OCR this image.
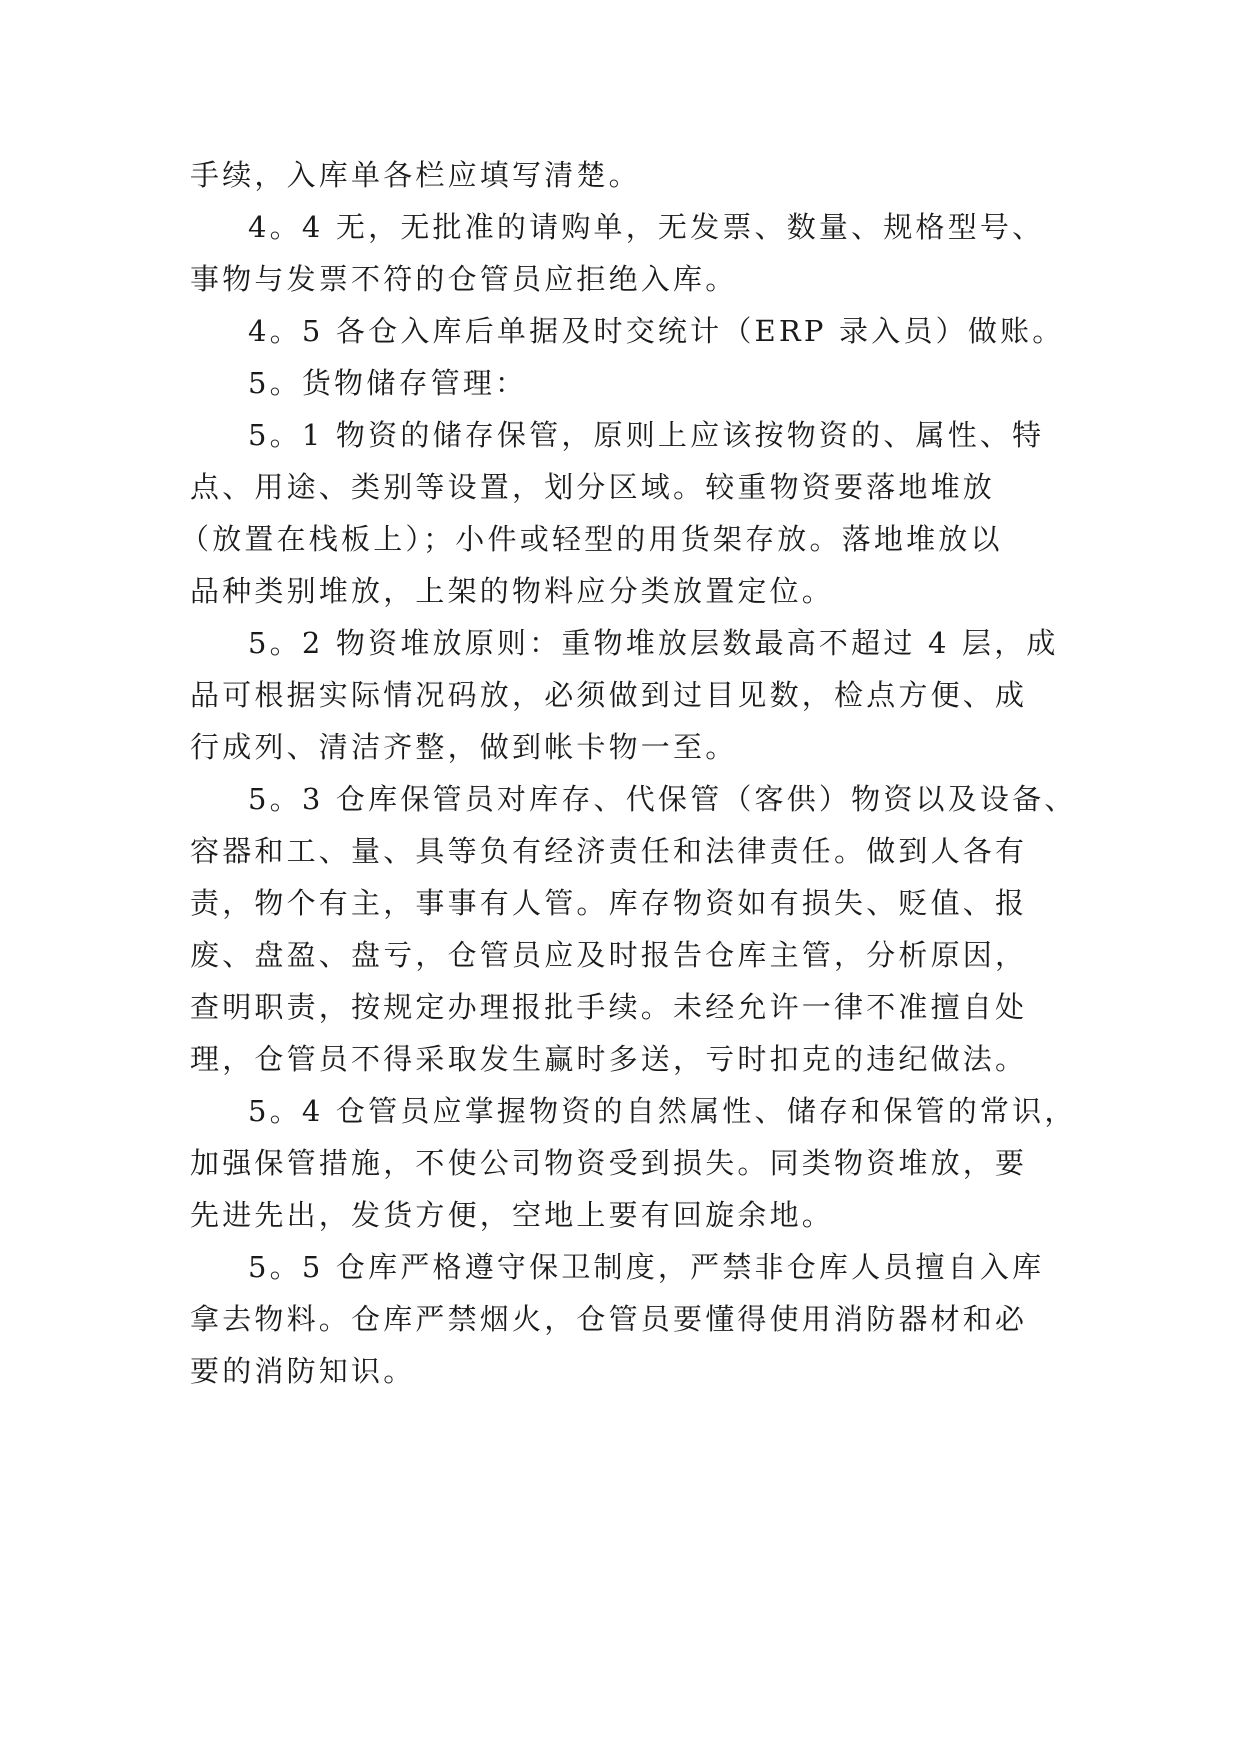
手续，入库单各栏应填写清楚。
4。4 无，无批准的请购单，无发票、数量、规格型号、
事物与发票不符的仓管员应拒绝入库。
4。5 各仓入库后单据及时交统计（ERP 录入员）做账。
5。货物储存管理：
5。1 物资的储存保管，原则上应该按物资的、属性、特
点、用途、类别等设置，划分区域。较重物资要落地堆放
（放置在栈板上）；小件或轻型的用货架存放。落地堆放以
品种类别堆放，上架的物料应分类放置定位。
5。2 物资堆放原则：重物堆放层数最高不超过 4 层，成
品可根据实际情况码放，必须做到过目见数，检点方便、成
行成列、清洁齐整，做到帐卡物一至。
5。3 仓库保管员对库存、代保管（客供）物资以及设备、
容器和工、量、具等负有经济责任和法律责任。做到人各有
责，物个有主，事事有人管。库存物资如有损失、贬值、报
废、盘盈、盘亏，仓管员应及时报告仓库主管，分析原因，
查明职责，按规定办理报批手续。未经允许一律不准擅自处
理，仓管员不得采取发生赢时多送，亏时扣克的违纪做法。
5。4 仓管员应掌握物资的自然属性、储存和保管的常识，
加强保管措施，不使公司物资受到损失。同类物资堆放，要
先进先出，发货方便，空地上要有回旋余地。
5。5 仓库严格遵守保卫制度，严禁非仓库人员擅自入库
拿去物料。仓库严禁烟火，仓管员要懂得使用消防器材和必
要的消防知识。
